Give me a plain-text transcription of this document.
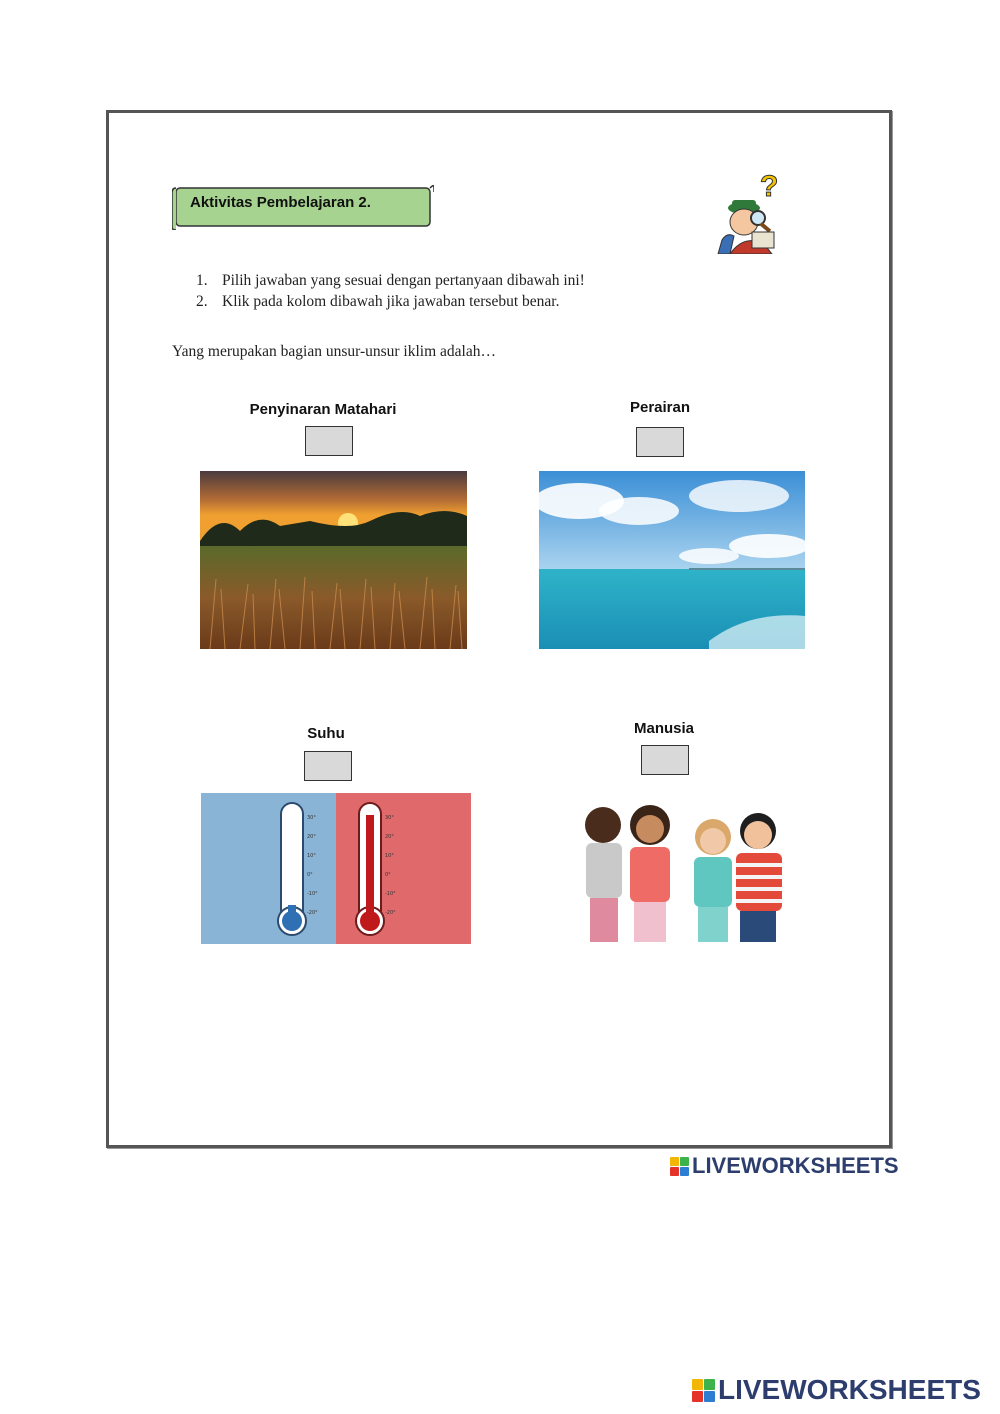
Aktivitas Pembelajaran 2.	?
1. Pilih jawaban yang sesuai dengan pertanyaan dibawah ini!
2. Klik pada kolom dibawah jika jawaban tersebut benar.
Yang merupakan bagian unsur-unsur iklim adalah…
Penyinaran Matahari	Perairan
Suhu
30°
20°
10°
0°
-10°
-20°
30°
20°
10°
0°
-10°
-20°
Manusia
LIVEWORKSHEETS
LIVEWORKSHEETS
